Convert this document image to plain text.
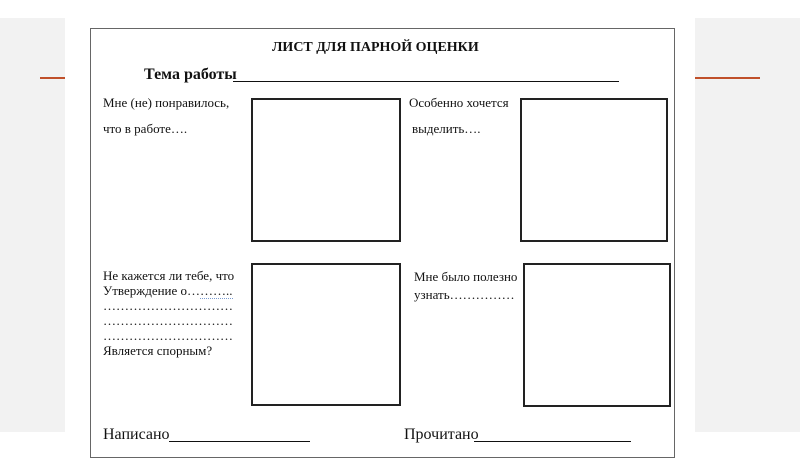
ЛИСТ ДЛЯ ПАРНОЙ ОЦЕНКИ
Тема работы
Мне (не) понравилось,
что в работе….
Особенно хочется
выделить….
Не кажется ли тебе, что
Утверждение о………..
…………………………
…………………………
…………………………
Является спорным?
Мне было полезно
узнать……………
Написано	Прочитано
